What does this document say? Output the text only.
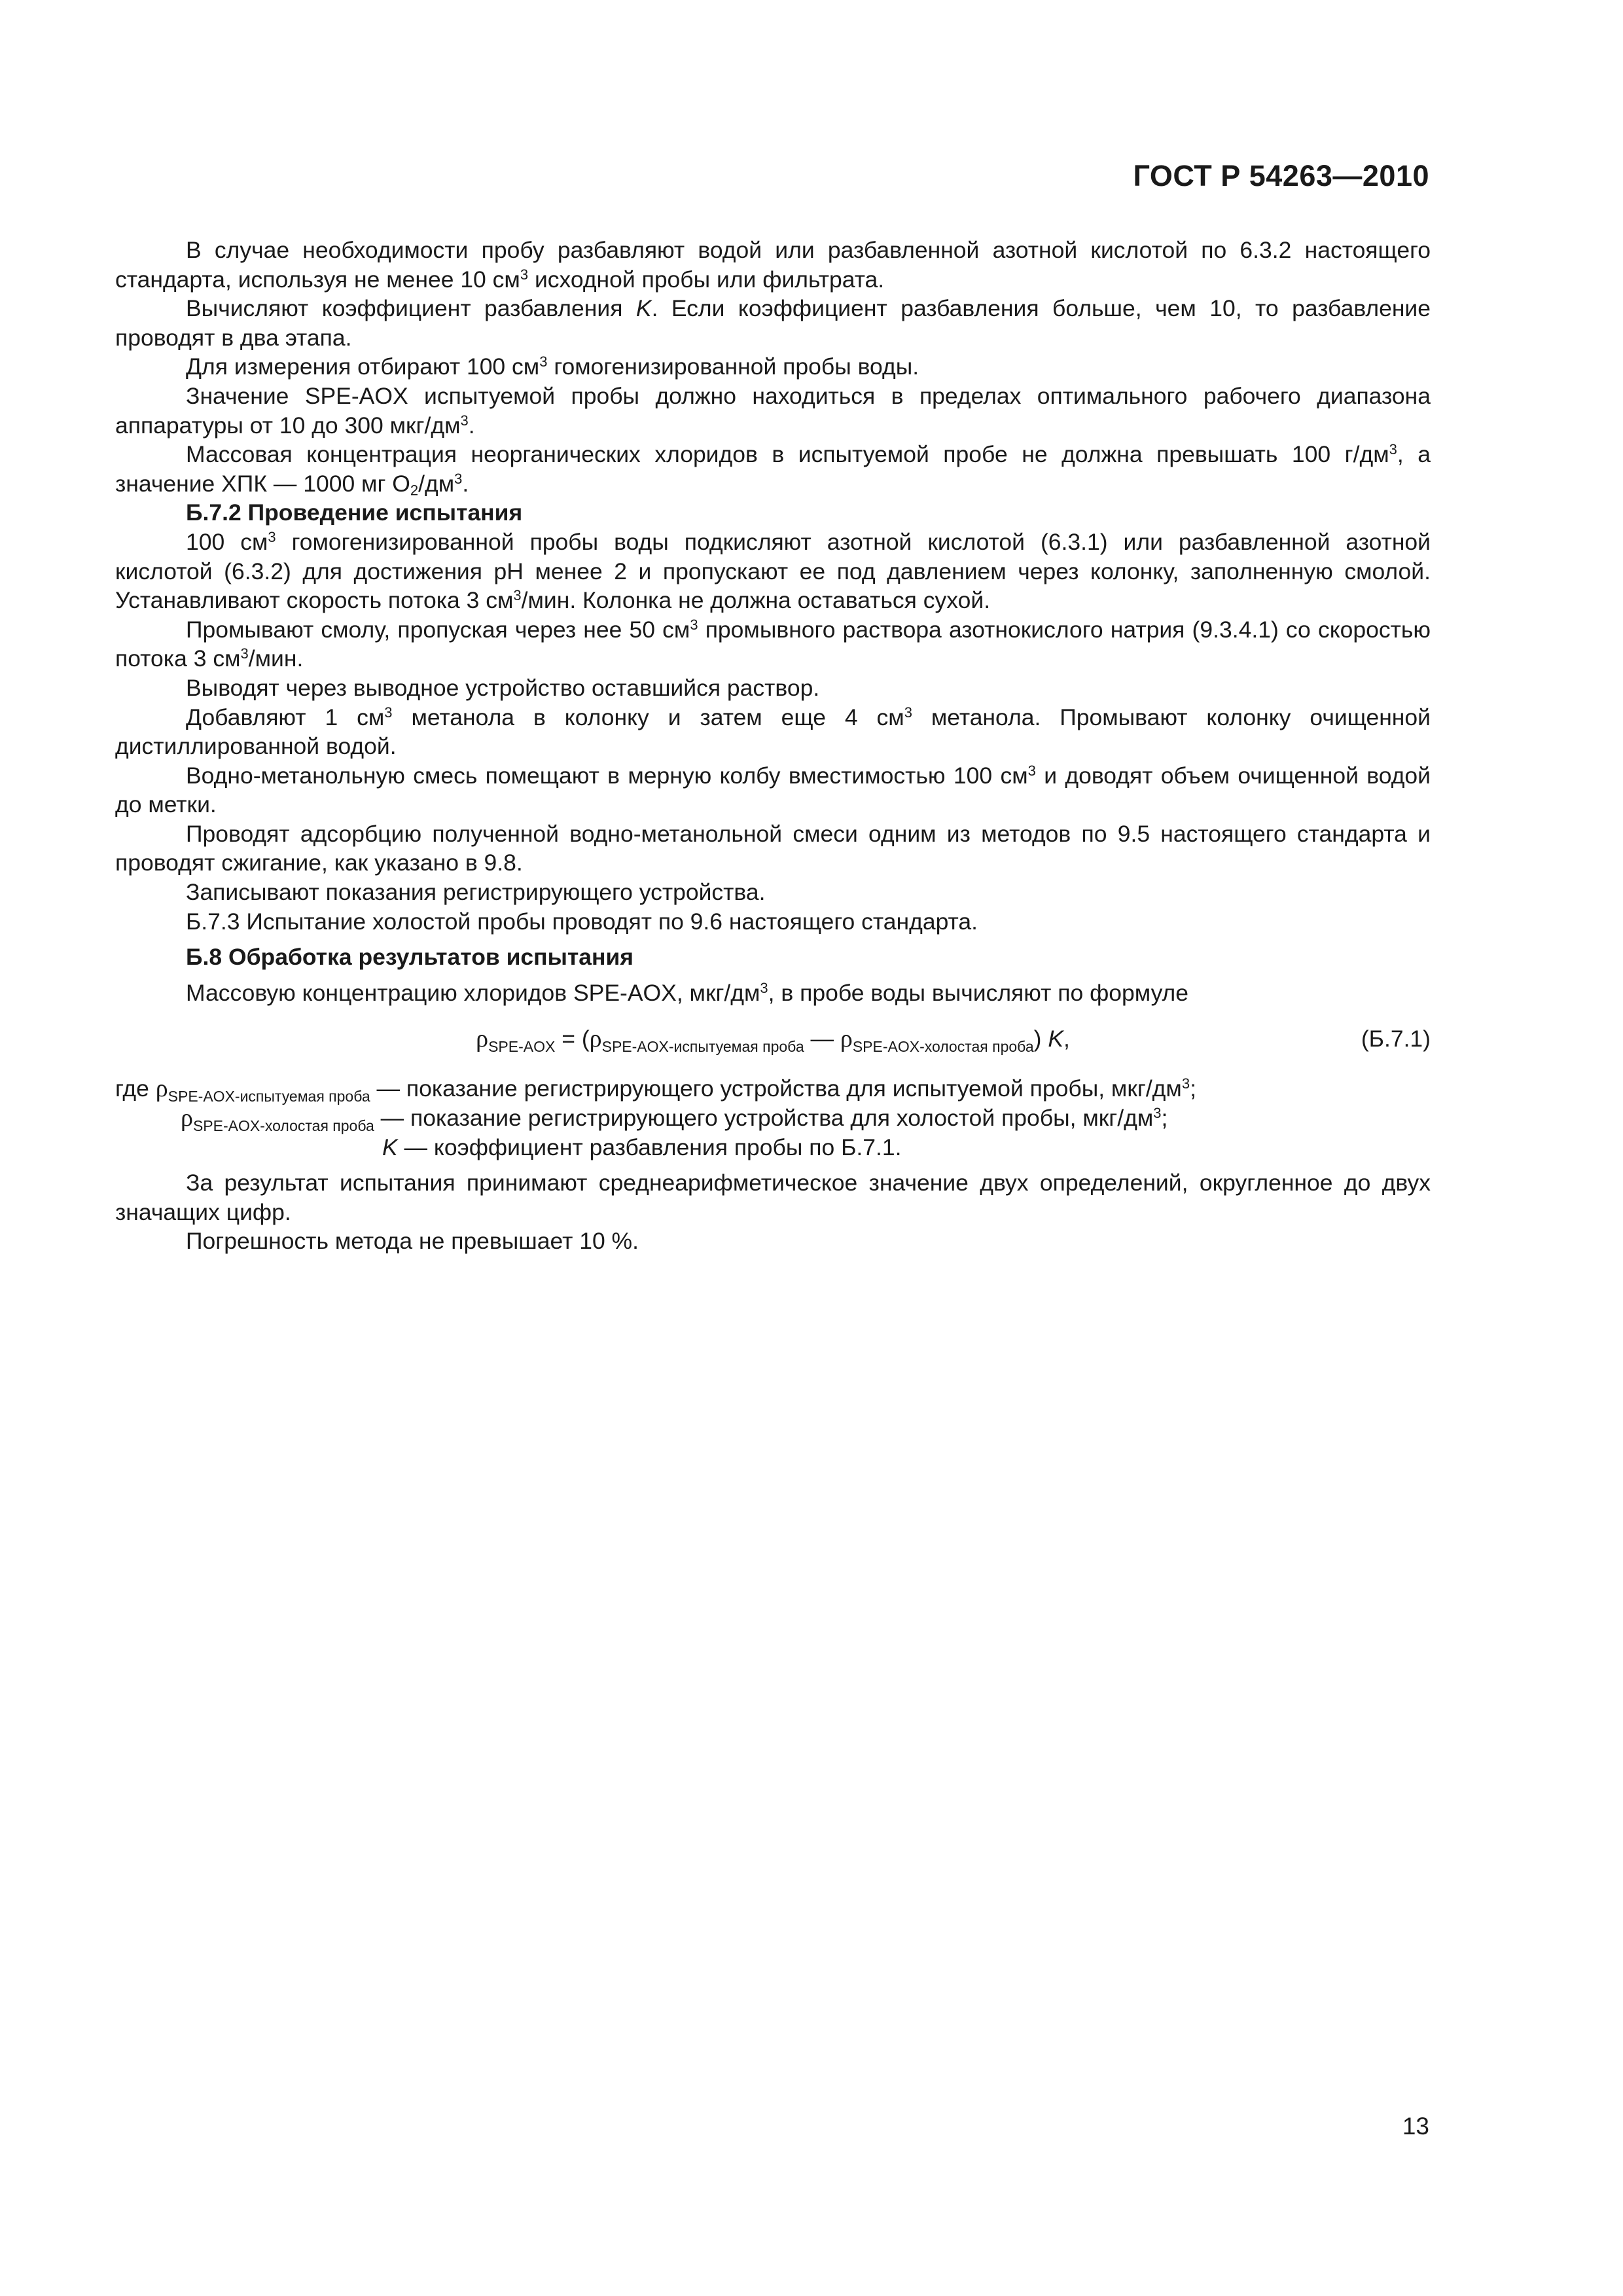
ГОСТ Р 54263—2010

В случае необходимости пробу разбавляют водой или разбавленной азотной кислотой по 6.3.2 настоящего стандарта, используя не менее 10 $см^3$ исходной пробы или фильтрата.

Вычисляют коэффициент разбавления K. Если коэффициент разбавления больше, чем 10, то разбавление проводят в два этапа.

Для измерения отбирают 100 $см^3$ гомогенизированной пробы воды.

Значение SPE-AOX испытуемой пробы должно находиться в пределах оптимального рабочего диапазона аппаратуры от 10 до 300 мкг/$дм^3$.

Массовая концентрация неорганических хлоридов в испытуемой пробе не должна превышать 100 $г/дм^3$, а значение ХПК — 1000 мг $О_2/дм^3$.

Б.7.2 Проведение испытания

100 $см^3$ гомогенизированной пробы воды подкисляют азотной кислотой (6.3.1) или разбавленной азотной кислотой (6.3.2) для достижения рН менее 2 и пропускают ее под давлением через колонку, заполненную смолой. Устанавливают скорость потока 3 $см^3$/мин. Колонка не должна оставаться сухой.

Промывают смолу, пропуская через нее 50 $см^3$ промывного раствора азотнокислого натрия (9.3.4.1) со скоростью потока 3 $см^3$/мин.

Выводят через выводное устройство оставшийся раствор.

Добавляют 1 $см^3$ метанола в колонку и затем еще 4 $см^3$ метанола. Промывают колонку очищенной дистиллированной водой.

Водно-метанольную смесь помещают в мерную колбу вместимостью 100 $см^3$ и доводят объем очищенной водой до метки.

Проводят адсорбцию полученной водно-метанольной смеси одним из методов по 9.5 настоящего стандарта и проводят сжигание, как указано в 9.8.

Записывают показания регистрирующего устройства.

Б.7.3 Испытание холостой пробы проводят по 9.6 настоящего стандарта.

Б.8 Обработка результатов испытания

Массовую концентрацию хлоридов SPE-AOX, мкг/$дм^3$, в пробе воды вычисляют по формуле

$\rho_{SPE-AOX} = (\rho_{SPE-AOX-испытуемая проба}$ — $\rho_{SPE-AOX-холостая проба}$) K,	(Б.7.1)
где $\rho_{SPE-AOX-испытуемая проба}$ — показание регистрирующего устройства для испытуемой пробы, мкг/$дм^3$;
$\rho_{SPE-AOX-холостая проба}$ — показание регистрирующего устройства для холостой пробы, мкг/$дм^3$;
K — коэффициент разбавления пробы по Б.7.1.

За результат испытания принимают среднеарифметическое значение двух определений, округленное до двух значащих цифр.

Погрешность метода не превышает 10 %.

13
